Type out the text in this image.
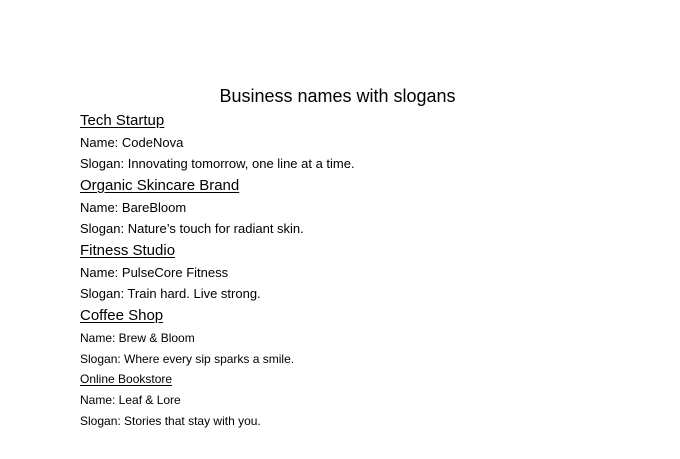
Business names with slogans
Tech Startup

Name: CodeNova

Slogan: Innovating tomorrow, one line at a time.

Organic Skincare Brand

Name: BareBloom

Slogan: Nature’s touch for radiant skin.

Fitness Studio

Name: PulseCore Fitness

Slogan: Train hard. Live strong.

Coffee Shop

Name: Brew & Bloom

Slogan: Where every sip sparks a smile.

Online Bookstore

Name: Leaf & Lore

Slogan: Stories that stay with you.
